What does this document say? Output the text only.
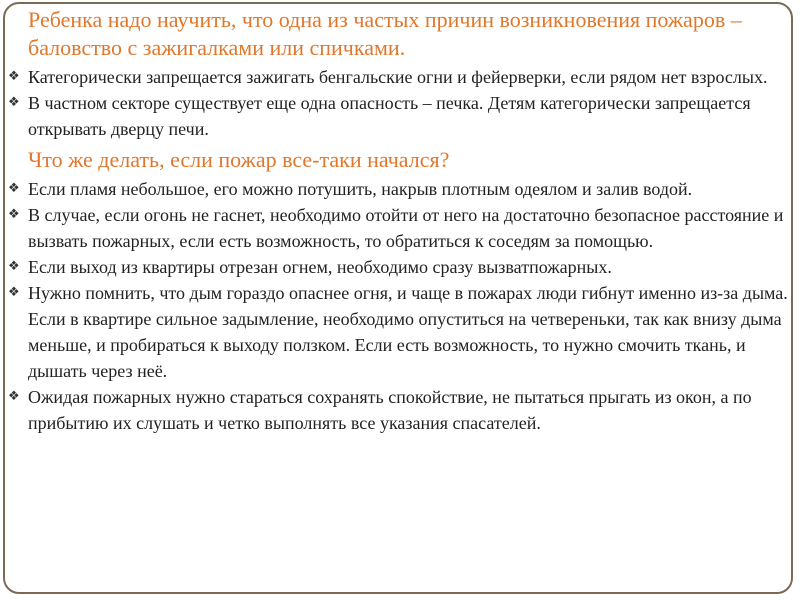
Ребенка надо научить, что одна из частых причин возникновения пожаров – баловство с зажигалками или спичками.

❖ Категорически запрещается зажигать бенгальские огни и фейерверки, если рядом нет взрослых.

❖ В частном секторе существует еще одна опасность – печка. Детям категорически запрещается открывать дверцу печи.

Что же делать, если пожар все-таки начался?

❖ Если пламя небольшое, его можно потушить, накрыв плотным одеялом и залив водой.

❖ В случае, если огонь не гаснет, необходимо отойти от него на достаточно безопасное расстояние и вызвать пожарных, если есть возможность, то обратиться к соседям за помощью.

❖ Если выход из квартиры отрезан огнем, необходимо сразу вызватпожарных.

❖ Нужно помнить, что дым гораздо опаснее огня, и чаще в пожарах люди гибнут именно из-за дыма. Если в квартире сильное задымление, необходимо опуститься на четвереньки, так как внизу дыма меньше, и пробираться к выходу ползком. Если есть возможность, то нужно смочить ткань, и дышать через неё.

❖ Ожидая пожарных нужно стараться сохранять спокойствие, не пытаться прыгать из окон, а по прибытию их слушать и четко выполнять все указания спасателей.
